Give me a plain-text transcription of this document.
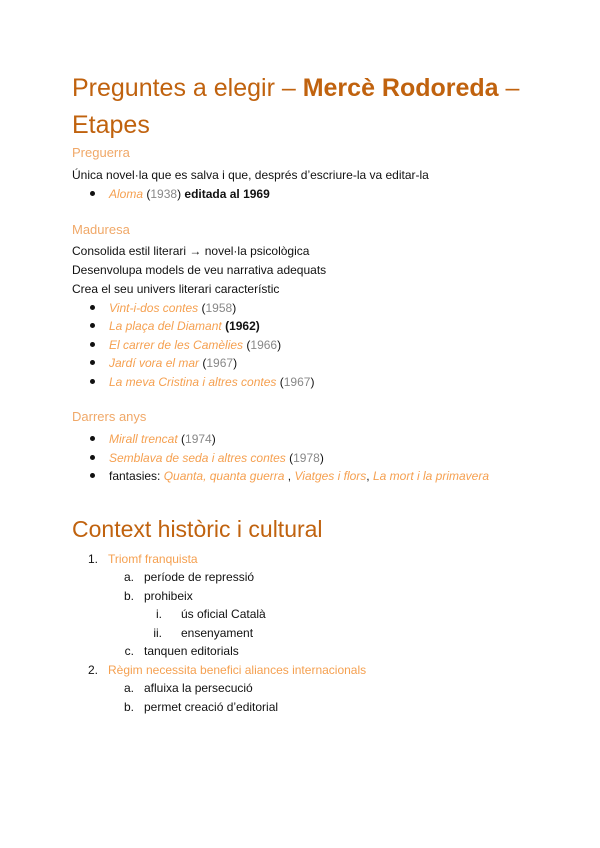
Preguntes a elegir – Mercè Rodoreda –
Etapes
Preguerra
Única novel·la que es salva i que, després d’escriure-la va editar-la
Aloma (1938) editada al 1969
Maduresa
Consolida estil literari → novel·la psicològica
Desenvolupa models de veu narrativa adequats
Crea el seu univers literari característic
Vint-i-dos contes (1958)
La plaça del Diamant (1962)
El carrer de les Camèlies (1966)
Jardí vora el mar (1967)
La meva Cristina i altres contes (1967)
Darrers anys
Mirall trencat (1974)
Semblava de seda i altres contes (1978)
fantasies: Quanta, quanta guerra , Viatges i flors, La mort i la primavera
Context històric i cultural
1. Triomf franquista
a. període de repressió
b. prohibeix
i. ús oficial Català
ii. ensenyament
c. tanquen editorials
2. Règim necessita benefici aliances internacionals
a. afluixa la persecució
b. permet creació d’editorial
